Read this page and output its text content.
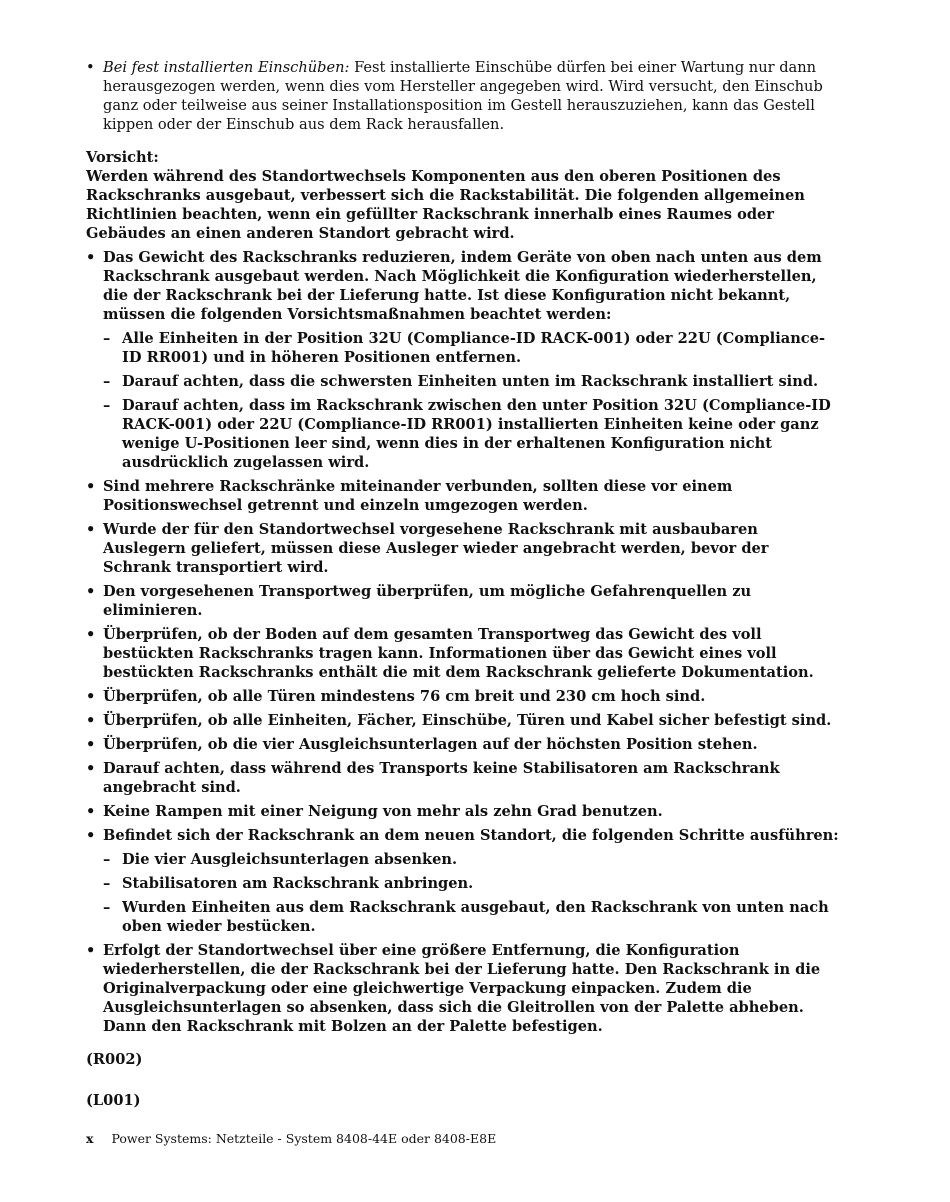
• Bei fest installierten Einschüben: Fest installierte Einschübe dürfen bei einer Wartung nur dann herausgezogen werden, wenn dies vom Hersteller angegeben wird. Wird versucht, den Einschub ganz oder teilweise aus seiner Installationsposition im Gestell herauszuziehen, kann das Gestell kippen oder der Einschub aus dem Rack herausfallen.
Vorsicht:
Werden während des Standortwechsels Komponenten aus den oberen Positionen des Rackschranks ausgebaut, verbessert sich die Rackstabilität. Die folgenden allgemeinen Richtlinien beachten, wenn ein gefüllter Rackschrank innerhalb eines Raumes oder Gebäudes an einen anderen Standort gebracht wird.
• Das Gewicht des Rackschranks reduzieren, indem Geräte von oben nach unten aus dem Rackschrank ausgebaut werden. Nach Möglichkeit die Konfiguration wiederherstellen, die der Rackschrank bei der Lieferung hatte. Ist diese Konfiguration nicht bekannt, müssen die folgenden Vorsichtsmaßnahmen beachtet werden:
– Alle Einheiten in der Position 32U (Compliance-ID RACK-001) oder 22U (Compliance-ID RR001) und in höheren Positionen entfernen.
– Darauf achten, dass die schwersten Einheiten unten im Rackschrank installiert sind.
– Darauf achten, dass im Rackschrank zwischen den unter Position 32U (Compliance-ID RACK-001) oder 22U (Compliance-ID RR001) installierten Einheiten keine oder ganz wenige U-Positionen leer sind, wenn dies in der erhaltenen Konfiguration nicht ausdrücklich zugelassen wird.
• Sind mehrere Rackschränke miteinander verbunden, sollten diese vor einem Positionswechsel getrennt und einzeln umgezogen werden.
• Wurde der für den Standortwechsel vorgesehene Rackschrank mit ausbaubaren Auslegern geliefert, müssen diese Ausleger wieder angebracht werden, bevor der Schrank transportiert wird.
• Den vorgesehenen Transportweg überprüfen, um mögliche Gefahrenquellen zu eliminieren.
• Überprüfen, ob der Boden auf dem gesamten Transportweg das Gewicht des voll bestückten Rackschranks tragen kann. Informationen über das Gewicht eines voll bestückten Rackschranks enthält die mit dem Rackschrank gelieferte Dokumentation.
• Überprüfen, ob alle Türen mindestens 76 cm breit und 230 cm hoch sind.
• Überprüfen, ob alle Einheiten, Fächer, Einschübe, Türen und Kabel sicher befestigt sind.
• Überprüfen, ob die vier Ausgleichsunterlagen auf der höchsten Position stehen.
• Darauf achten, dass während des Transports keine Stabilisatoren am Rackschrank angebracht sind.
• Keine Rampen mit einer Neigung von mehr als zehn Grad benutzen.
• Befindet sich der Rackschrank an dem neuen Standort, die folgenden Schritte ausführen:
– Die vier Ausgleichsunterlagen absenken.
– Stabilisatoren am Rackschrank anbringen.
– Wurden Einheiten aus dem Rackschrank ausgebaut, den Rackschrank von unten nach oben wieder bestücken.
• Erfolgt der Standortwechsel über eine größere Entfernung, die Konfiguration wiederherstellen, die der Rackschrank bei der Lieferung hatte. Den Rackschrank in die Originalverpackung oder eine gleichwertige Verpackung einpacken. Zudem die Ausgleichsunterlagen so absenken, dass sich die Gleitrollen von der Palette abheben. Dann den Rackschrank mit Bolzen an der Palette befestigen.
(R002)
(L001)
x Power Systems: Netzteile - System 8408-44E oder 8408-E8E
